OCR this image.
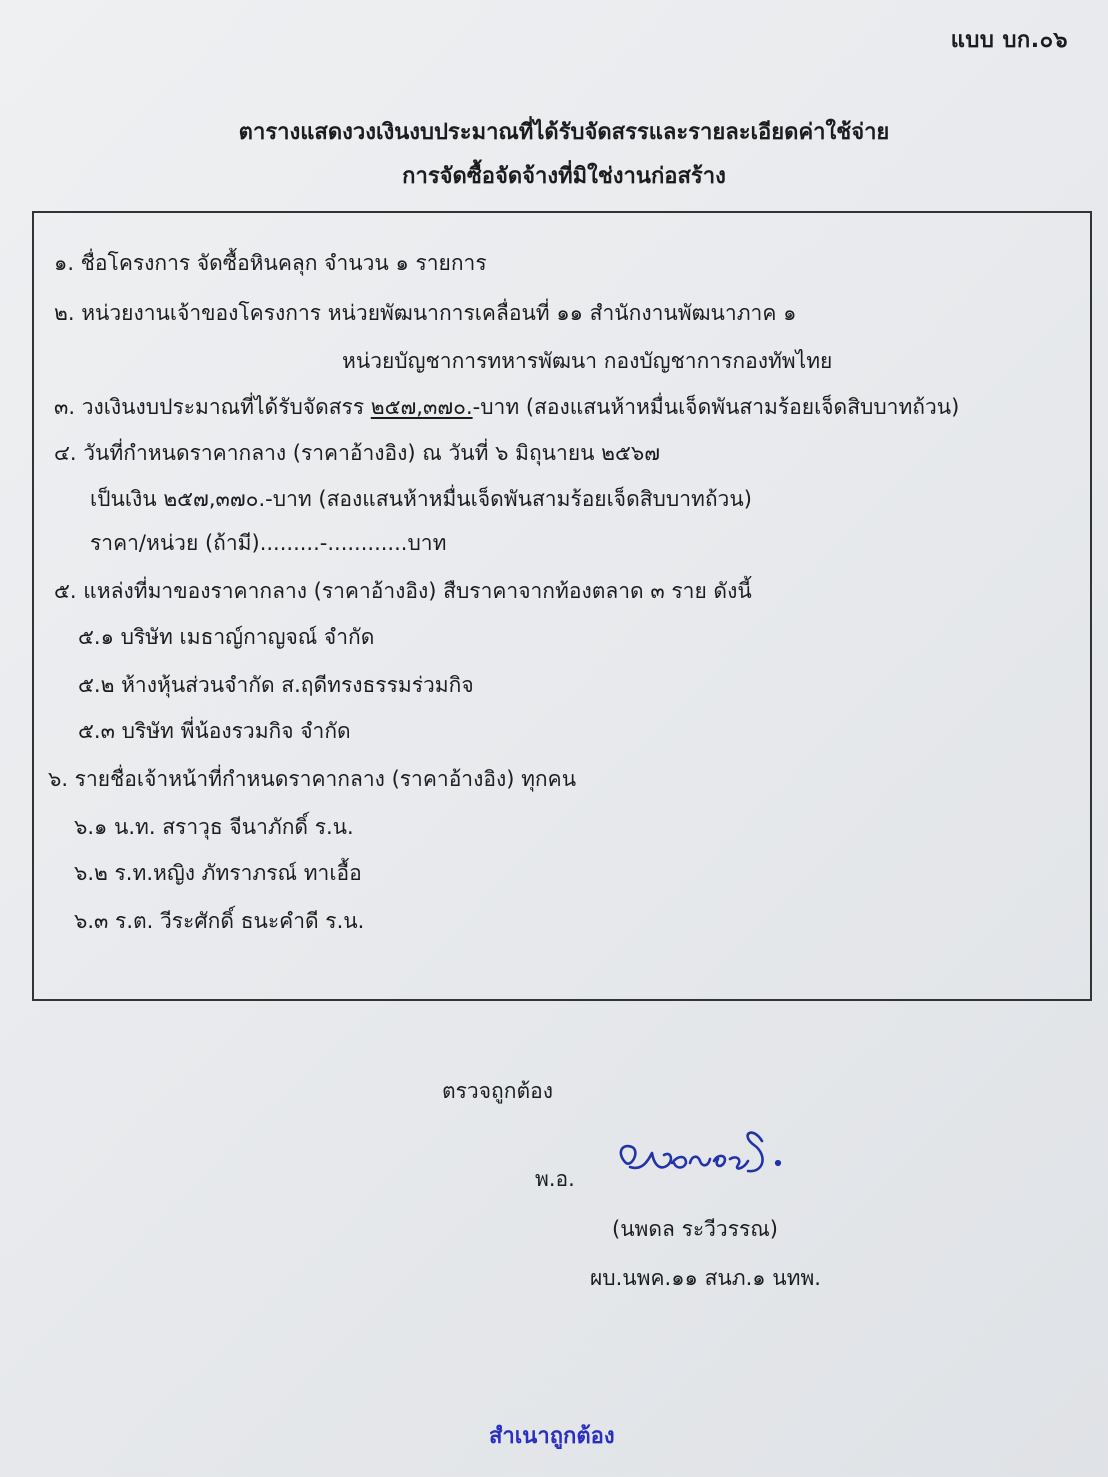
แบบ บก.๐๖
ตารางแสดงวงเงินงบประมาณที่ได้รับจัดสรรและรายละเอียดค่าใช้จ่าย
การจัดซื้อจัดจ้างที่มิใช่งานก่อสร้าง
๑. ชื่อโครงการ จัดซื้อหินคลุก จำนวน ๑ รายการ
๒. หน่วยงานเจ้าของโครงการ หน่วยพัฒนาการเคลื่อนที่ ๑๑ สำนักงานพัฒนาภาค ๑
หน่วยบัญชาการทหารพัฒนา กองบัญชาการกองทัพไทย
๓. วงเงินงบประมาณที่ได้รับจัดสรร ๒๕๗,๓๗๐.-บาท (สองแสนห้าหมื่นเจ็ดพันสามร้อยเจ็ดสิบบาทถ้วน)
๔. วันที่กำหนดราคากลาง (ราคาอ้างอิง) ณ วันที่ ๖ มิถุนายน ๒๕๖๗
เป็นเงิน ๒๕๗,๓๗๐.-บาท (สองแสนห้าหมื่นเจ็ดพันสามร้อยเจ็ดสิบบาทถ้วน)
ราคา/หน่วย (ถ้ามี).........-............บาท
๕. แหล่งที่มาของราคากลาง (ราคาอ้างอิง) สืบราคาจากท้องตลาด ๓ ราย ดังนี้
๕.๑ บริษัท เมธาญ์กาญจณ์ จำกัด
๕.๒ ห้างหุ้นส่วนจำกัด ส.ฤดีทรงธรรมร่วมกิจ
๕.๓ บริษัท พี่น้องรวมกิจ จำกัด
๖. รายชื่อเจ้าหน้าที่กำหนดราคากลาง (ราคาอ้างอิง) ทุกคน
๖.๑ น.ท. สราวุธ จีนาภักดิ์ ร.น.
๖.๒ ร.ท.หญิง ภัทราภรณ์ ทาเอื้อ
๖.๓ ร.ต. วีระศักดิ์ ธนะคำดี ร.น.
ตรวจถูกต้อง
พ.อ.
(นพดล ระวีวรรณ)
ผบ.นพค.๑๑ สนภ.๑ นทพ.
สำเนาถูกต้อง
